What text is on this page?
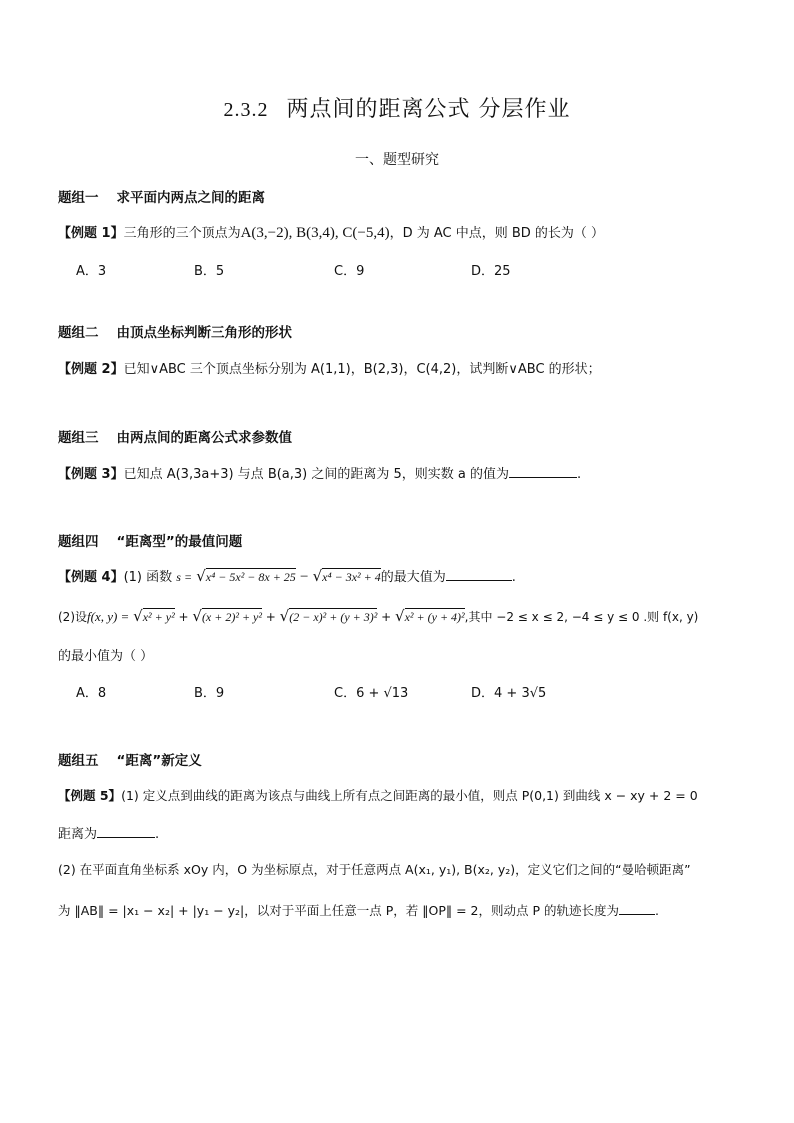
2.3.2 两点间的距离公式 分层作业
一、题型研究
题组一 求平面内两点之间的距离
【例题 1】三角形的三个顶点为A(3,−2), B(3,4), C(−5,4)，D 为 AC 中点，则 BD 的长为（ ）
A．3	B．5	C．9	D．25
题组二 由顶点坐标判断三角形的形状
【例题 2】已知∨ABC 三个顶点坐标分别为 A(1,1)，B(2,3)，C(4,2)，试判断∨ABC 的形状；
题组三 由两点间的距离公式求参数值
【例题 3】已知点 A(3,3a+3) 与点 B(a,3) 之间的距离为 5，则实数 a 的值为	.
题组四 “距离型”的最值问题
【例题 4】(1) 函数 s = √x⁴ − 5x² − 8x + 25 − √x⁴ − 3x² + 4的最大值为	.
(2)设f(x, y) = √x² + y² + √(x + 2)² + y² + √(2 − x)² + (y + 3)² + √x² + (y + 4)²,其中 −2 ≤ x ≤ 2, −4 ≤ y ≤ 0 .则 f(x, y)
的最小值为（ ）
A．8	B．9	C．6 + √13	D．4 + 3√5
题组五 “距离”新定义
【例题 5】(1) 定义点到曲线的距离为该点与曲线上所有点之间距离的最小值，则点 P(0,1) 到曲线 x − xy + 2 = 0
距离为	.
(2) 在平面直角坐标系 xOy 内，O 为坐标原点，对于任意两点 A(x₁, y₁), B(x₂, y₂)，定义它们之间的“曼哈顿距离”
为 ‖AB‖ = |x₁ − x₂| + |y₁ − y₂|，以对于平面上任意一点 P，若 ‖OP‖ = 2，则动点 P 的轨迹长度为	.
